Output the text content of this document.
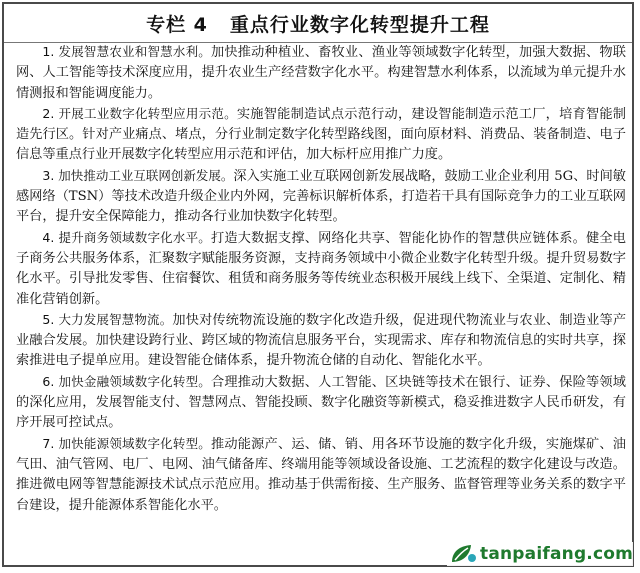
专栏 4 重点行业数字化转型提升工程

1. 发展智慧农业和智慧水利。加快推动种植业、畜牧业、渔业等领域数字化转型，加强大数据、物联网、人工智能等技术深度应用，提升农业生产经营数字化水平。构建智慧水利体系，以流域为单元提升水情测报和智能调度能力。

2. 开展工业数字化转型应用示范。实施智能制造试点示范行动，建设智能制造示范工厂，培育智能制造先行区。针对产业痛点、堵点，分行业制定数字化转型路线图，面向原材料、消费品、装备制造、电子信息等重点行业开展数字化转型应用示范和评估，加大标杆应用推广力度。

3. 加快推动工业互联网创新发展。深入实施工业互联网创新发展战略，鼓励工业企业利用 5G、时间敏感网络（TSN）等技术改造升级企业内外网，完善标识解析体系，打造若干具有国际竞争力的工业互联网平台，提升安全保障能力，推动各行业加快数字化转型。

4. 提升商务领域数字化水平。打造大数据支撑、网络化共享、智能化协作的智慧供应链体系。健全电子商务公共服务体系，汇聚数字赋能服务资源，支持商务领域中小微企业数字化转型升级。提升贸易数字化水平。引导批发零售、住宿餐饮、租赁和商务服务等传统业态积极开展线上线下、全渠道、定制化、精准化营销创新。

5. 大力发展智慧物流。加快对传统物流设施的数字化改造升级，促进现代物流业与农业、制造业等产业融合发展。加快建设跨行业、跨区域的物流信息服务平台，实现需求、库存和物流信息的实时共享，探索推进电子提单应用。建设智能仓储体系，提升物流仓储的自动化、智能化水平。

6. 加快金融领域数字化转型。合理推动大数据、人工智能、区块链等技术在银行、证券、保险等领域的深化应用，发展智能支付、智慧网点、智能投顾、数字化融资等新模式，稳妥推进数字人民币研发，有序开展可控试点。

7. 加快能源领域数字化转型。推动能源产、运、储、销、用各环节设施的数字化升级，实施煤矿、油气田、油气管网、电厂、电网、油气储备库、终端用能等领域设备设施、工艺流程的数字化建设与改造。推进微电网等智慧能源技术试点示范应用。推动基于供需衔接、生产服务、监督管理等业务关系的数字平台建设，提升能源体系智能化水平。

tanpaifang.com
